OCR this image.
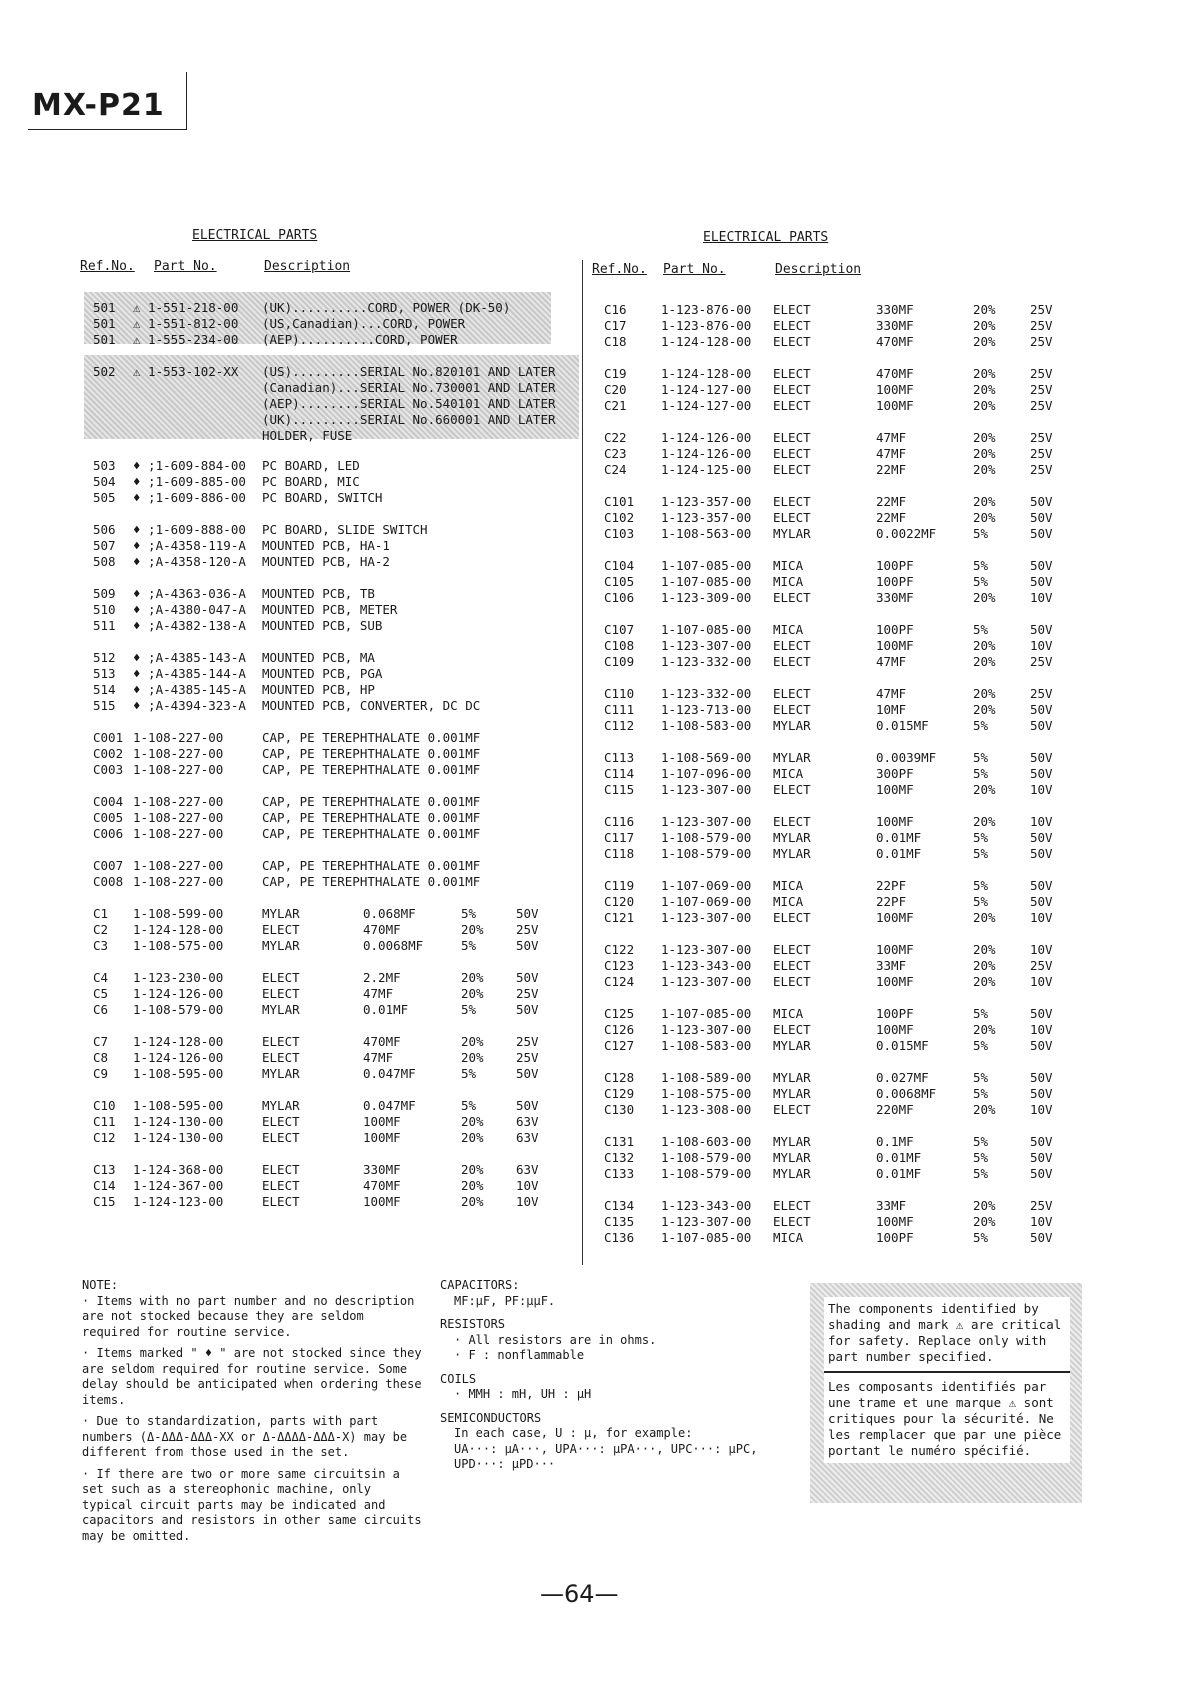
MX-P21
ELECTRICAL PARTS
Ref.No. Part No.	Description
501 ⚠ 1-551-218-00 (UK)..........CORD, POWER (DK-50)
501 ⚠ 1-551-812-00 (US,Canadian)...CORD, POWER
501 ⚠ 1-555-234-00 (AEP)..........CORD, POWER
502 ⚠ 1-553-102-XX (US).........SERIAL No.820101 AND LATER
(Canadian)...SERIAL No.730001 AND LATER
(AEP)........SERIAL No.540101 AND LATER
(UK).........SERIAL No.660001 AND LATER
HOLDER, FUSE
503 ♦ ;1-609-884-00 PC BOARD, LED
504 ♦ ;1-609-885-00 PC BOARD, MIC
505 ♦ ;1-609-886-00 PC BOARD, SWITCH
506 ♦ ;1-609-888-00 PC BOARD, SLIDE SWITCH
507 ♦ ;A-4358-119-A MOUNTED PCB, HA-1
508 ♦ ;A-4358-120-A MOUNTED PCB, HA-2
509 ♦ ;A-4363-036-A MOUNTED PCB, TB
510 ♦ ;A-4380-047-A MOUNTED PCB, METER
511 ♦ ;A-4382-138-A MOUNTED PCB, SUB
512 ♦ ;A-4385-143-A MOUNTED PCB, MA
513 ♦ ;A-4385-144-A MOUNTED PCB, PGA
514 ♦ ;A-4385-145-A MOUNTED PCB, HP
515 ♦ ;A-4394-323-A MOUNTED PCB, CONVERTER, DC DC
C001 1-108-227-00	CAP, PE TEREPHTHALATE 0.001MF
C002 1-108-227-00	CAP, PE TEREPHTHALATE 0.001MF
C003 1-108-227-00	CAP, PE TEREPHTHALATE 0.001MF
C004 1-108-227-00	CAP, PE TEREPHTHALATE 0.001MF
C005 1-108-227-00	CAP, PE TEREPHTHALATE 0.001MF
C006 1-108-227-00	CAP, PE TEREPHTHALATE 0.001MF
C007 1-108-227-00	CAP, PE TEREPHTHALATE 0.001MF
C008 1-108-227-00	CAP, PE TEREPHTHALATE 0.001MF
C1 1-108-599-00	MYLAR	0.068MF	5%	50V
C2 1-124-128-00	ELECT	470MF	20%	25V
C3 1-108-575-00	MYLAR	0.0068MF	5%	50V
C4 1-123-230-00	ELECT	2.2MF	20%	50V
C5 1-124-126-00	ELECT	47MF	20%	25V
C6 1-108-579-00	MYLAR	0.01MF	5%	50V
C7 1-124-128-00	ELECT	470MF	20%	25V
C8 1-124-126-00	ELECT	47MF	20%	25V
C9 1-108-595-00	MYLAR	0.047MF	5%	50V
C10 1-108-595-00	MYLAR	0.047MF	5%	50V
C11 1-124-130-00	ELECT	100MF	20%	63V
C12 1-124-130-00	ELECT	100MF	20%	63V
C13 1-124-368-00	ELECT	330MF	20%	63V
C14 1-124-367-00	ELECT	470MF	20%	10V
C15 1-124-123-00	ELECT	100MF	20%	10V
ELECTRICAL PARTS
Ref.No. Part No.	Description
C16	1-123-876-00 ELECT	330MF	20%	25V
C17	1-123-876-00 ELECT	330MF	20%	25V
C18	1-124-128-00 ELECT	470MF	20%	25V
C19	1-124-128-00 ELECT	470MF	20%	25V
C20	1-124-127-00 ELECT	100MF	20%	25V
C21	1-124-127-00 ELECT	100MF	20%	25V
C22	1-124-126-00 ELECT	47MF	20%	25V
C23	1-124-126-00 ELECT	47MF	20%	25V
C24	1-124-125-00 ELECT	22MF	20%	25V
C101 1-123-357-00 ELECT	22MF	20%	50V
C102 1-123-357-00 ELECT	22MF	20%	50V
C103 1-108-563-00 MYLAR	0.0022MF	5%	50V
C104 1-107-085-00 MICA	100PF	5%	50V
C105 1-107-085-00 MICA	100PF	5%	50V
C106 1-123-309-00 ELECT	330MF	20%	10V
C107 1-107-085-00 MICA	100PF	5%	50V
C108 1-123-307-00 ELECT	100MF	20%	10V
C109 1-123-332-00 ELECT	47MF	20%	25V
C110 1-123-332-00 ELECT	47MF	20%	25V
C111 1-123-713-00 ELECT	10MF	20%	50V
C112 1-108-583-00 MYLAR	0.015MF	5%	50V
C113 1-108-569-00 MYLAR	0.0039MF	5%	50V
C114 1-107-096-00 MICA	300PF	5%	50V
C115 1-123-307-00 ELECT	100MF	20%	10V
C116 1-123-307-00 ELECT	100MF	20%	10V
C117 1-108-579-00 MYLAR	0.01MF	5%	50V
C118 1-108-579-00 MYLAR	0.01MF	5%	50V
C119 1-107-069-00 MICA	22PF	5%	50V
C120 1-107-069-00 MICA	22PF	5%	50V
C121 1-123-307-00 ELECT	100MF	20%	10V
C122 1-123-307-00 ELECT	100MF	20%	10V
C123 1-123-343-00 ELECT	33MF	20%	25V
C124 1-123-307-00 ELECT	100MF	20%	10V
C125 1-107-085-00 MICA	100PF	5%	50V
C126 1-123-307-00 ELECT	100MF	20%	10V
C127 1-108-583-00 MYLAR	0.015MF	5%	50V
C128 1-108-589-00 MYLAR	0.027MF	5%	50V
C129 1-108-575-00 MYLAR	0.0068MF	5%	50V
C130 1-123-308-00 ELECT	220MF	20%	10V
C131 1-108-603-00 MYLAR	0.1MF	5%	50V
C132 1-108-579-00 MYLAR	0.01MF	5%	50V
C133 1-108-579-00 MYLAR	0.01MF	5%	50V
C134 1-123-343-00 ELECT	33MF	20%	25V
C135 1-123-307-00 ELECT	100MF	20%	10V
C136 1-107-085-00 MICA	100PF	5%	50V
NOTE:

· Items with no part number and no description are not stocked because they are seldom required for routine service.

· Items marked " ♦ " are not stocked since they are seldom required for routine service. Some delay should be anticipated when ordering these items.

· Due to standardization, parts with part numbers (Δ-ΔΔΔ-ΔΔΔ-XX or Δ-ΔΔΔΔ-ΔΔΔ-X) may be different from those used in the set.

· If there are two or more same circuitsin a set such as a stereophonic machine, only typical circuit parts may be indicated and capacitors and resistors in other same circuits may be omitted.

CAPACITORS:
MF:μF, PF:μμF.
RESISTORS
· All resistors are in ohms.
· F : nonflammable
COILS
· MMH : mH, UH : μH
SEMICONDUCTORS
In each case, U : μ, for example:
UA···: μA···, UPA···: μPA···, UPC···: μPC,
UPD···: μPD···
The components identified by shading and mark ⚠ are critical for safety. Replace only with part number specified.
Les composants identifiés par une trame et une marque ⚠ sont critiques pour la sécurité. Ne les remplacer que par une pièce portant le numéro spécifié.
—64—
